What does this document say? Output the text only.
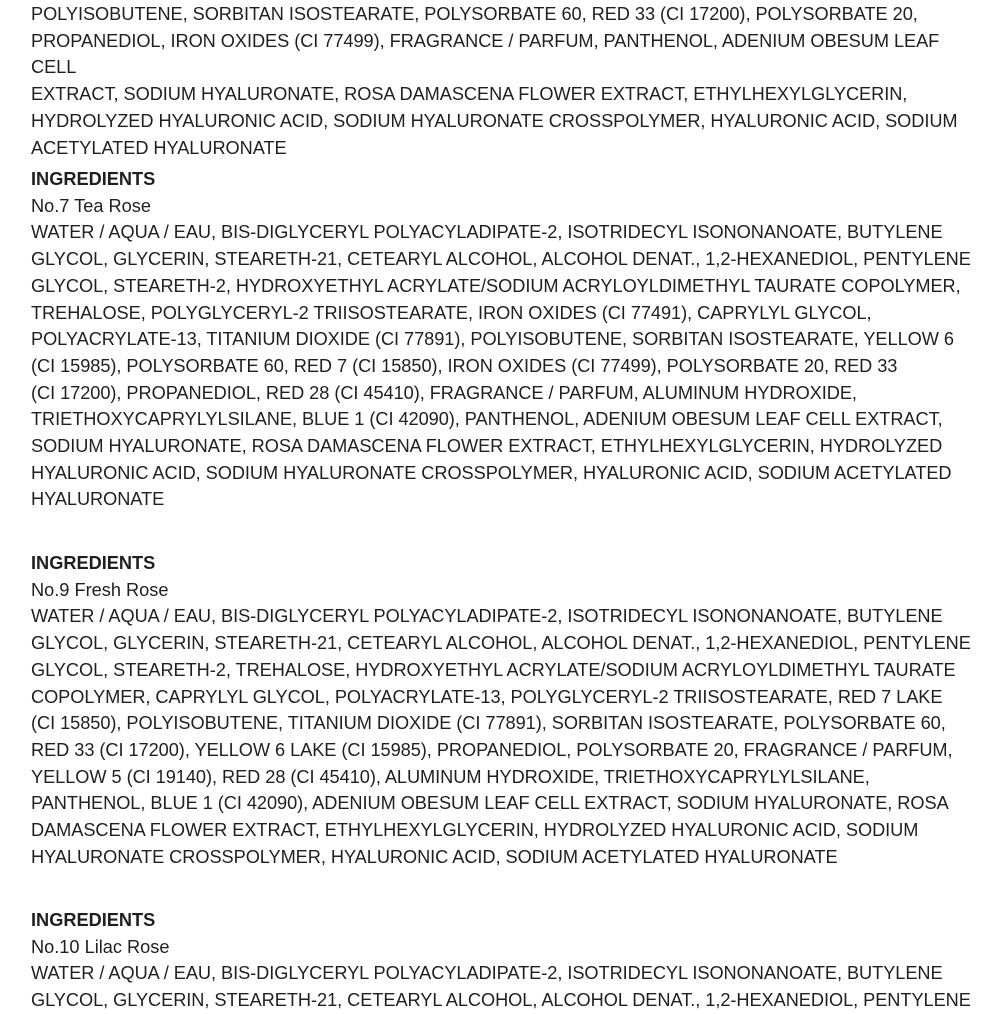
POLYISOBUTENE, SORBITAN ISOSTEARATE, POLYSORBATE 60, RED 33 (CI 17200), POLYSORBATE 20,
PROPANEDIOL, IRON OXIDES (CI 77499), FRAGRANCE / PARFUM, PANTHENOL, ADENIUM OBESUM LEAF CELL
EXTRACT, SODIUM HYALURONATE, ROSA DAMASCENA FLOWER EXTRACT, ETHYLHEXYLGLYCERIN,
HYDROLYZED HYALURONIC ACID, SODIUM HYALURONATE CROSSPOLYMER, HYALURONIC ACID, SODIUM
ACETYLATED HYALURONATE

INGREDIENTS

No.7 Tea Rose

WATER / AQUA / EAU, BIS-DIGLYCERYL POLYACYLADIPATE-2, ISOTRIDECYL ISONONANOATE, BUTYLENE
GLYCOL, GLYCERIN, STEARETH-21, CETEARYL ALCOHOL, ALCOHOL DENAT., 1,2-HEXANEDIOL, PENTYLENE
GLYCOL, STEARETH-2, HYDROXYETHYL ACRYLATE/SODIUM ACRYLOYLDIMETHYL TAURATE COPOLYMER,
TREHALOSE, POLYGLYCERYL-2 TRIISOSTEARATE, IRON OXIDES (CI 77491), CAPRYLYL GLYCOL,
POLYACRYLATE-13, TITANIUM DIOXIDE (CI 77891), POLYISOBUTENE, SORBITAN ISOSTEARATE, YELLOW 6
(CI 15985), POLYSORBATE 60, RED 7 (CI 15850), IRON OXIDES (CI 77499), POLYSORBATE 20, RED 33
(CI 17200), PROPANEDIOL, RED 28 (CI 45410), FRAGRANCE / PARFUM, ALUMINUM HYDROXIDE,
TRIETHOXYCAPRYLYLSILANE, BLUE 1 (CI 42090), PANTHENOL, ADENIUM OBESUM LEAF CELL EXTRACT,
SODIUM HYALURONATE, ROSA DAMASCENA FLOWER EXTRACT, ETHYLHEXYLGLYCERIN, HYDROLYZED
HYALURONIC ACID, SODIUM HYALURONATE CROSSPOLYMER, HYALURONIC ACID, SODIUM ACETYLATED
HYALURONATE

INGREDIENTS

No.9 Fresh Rose

WATER / AQUA / EAU, BIS-DIGLYCERYL POLYACYLADIPATE-2, ISOTRIDECYL ISONONANOATE, BUTYLENE
GLYCOL, GLYCERIN, STEARETH-21, CETEARYL ALCOHOL, ALCOHOL DENAT., 1,2-HEXANEDIOL, PENTYLENE
GLYCOL, STEARETH-2, TREHALOSE, HYDROXYETHYL ACRYLATE/SODIUM ACRYLOYLDIMETHYL TAURATE
COPOLYMER, CAPRYLYL GLYCOL, POLYACRYLATE-13, POLYGLYCERYL-2 TRIISOSTEARATE, RED 7 LAKE
(CI 15850), POLYISOBUTENE, TITANIUM DIOXIDE (CI 77891), SORBITAN ISOSTEARATE, POLYSORBATE 60,
RED 33 (CI 17200), YELLOW 6 LAKE (CI 15985), PROPANEDIOL, POLYSORBATE 20, FRAGRANCE / PARFUM,
YELLOW 5 (CI 19140), RED 28 (CI 45410), ALUMINUM HYDROXIDE, TRIETHOXYCAPRYLYLSILANE,
PANTHENOL, BLUE 1 (CI 42090), ADENIUM OBESUM LEAF CELL EXTRACT, SODIUM HYALURONATE, ROSA
DAMASCENA FLOWER EXTRACT, ETHYLHEXYLGLYCERIN, HYDROLYZED HYALURONIC ACID, SODIUM
HYALURONATE CROSSPOLYMER, HYALURONIC ACID, SODIUM ACETYLATED HYALURONATE

INGREDIENTS

No.10 Lilac Rose

WATER / AQUA / EAU, BIS-DIGLYCERYL POLYACYLADIPATE-2, ISOTRIDECYL ISONONANOATE, BUTYLENE
GLYCOL, GLYCERIN, STEARETH-21, CETEARYL ALCOHOL, ALCOHOL DENAT., 1,2-HEXANEDIOL, PENTYLENE
